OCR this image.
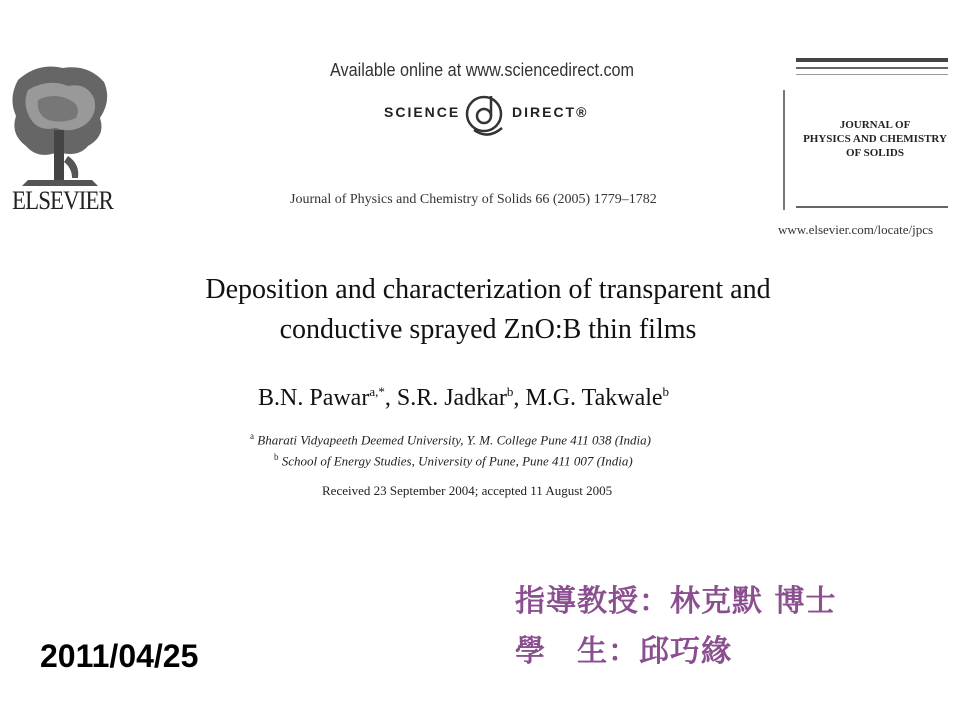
ELSEVIER
Available online at www.sciencedirect.com
SCIENCE	DIRECT®
Journal of Physics and Chemistry of Solids 66 (2005) 1779–1782
JOURNAL OF
PHYSICS AND CHEMISTRY
OF SOLIDS
www.elsevier.com/locate/jpcs
Deposition and characterization of transparent and
conductive sprayed ZnO:B thin films
B.N. Pawar$^{a,*}$, S.R. Jadkar$^b$, M.G. Takwale$^b$
$^a$ Bharati Vidyapeeth Deemed University, Y. M. College Pune 411 038 (India)
$^b$ School of Energy Studies, University of Pune, Pune 411 007 (India)
Received 23 September 2004; accepted 11 August 2005
指導教授：林克默 博士
學　生：邱巧緣
2011/04/25
